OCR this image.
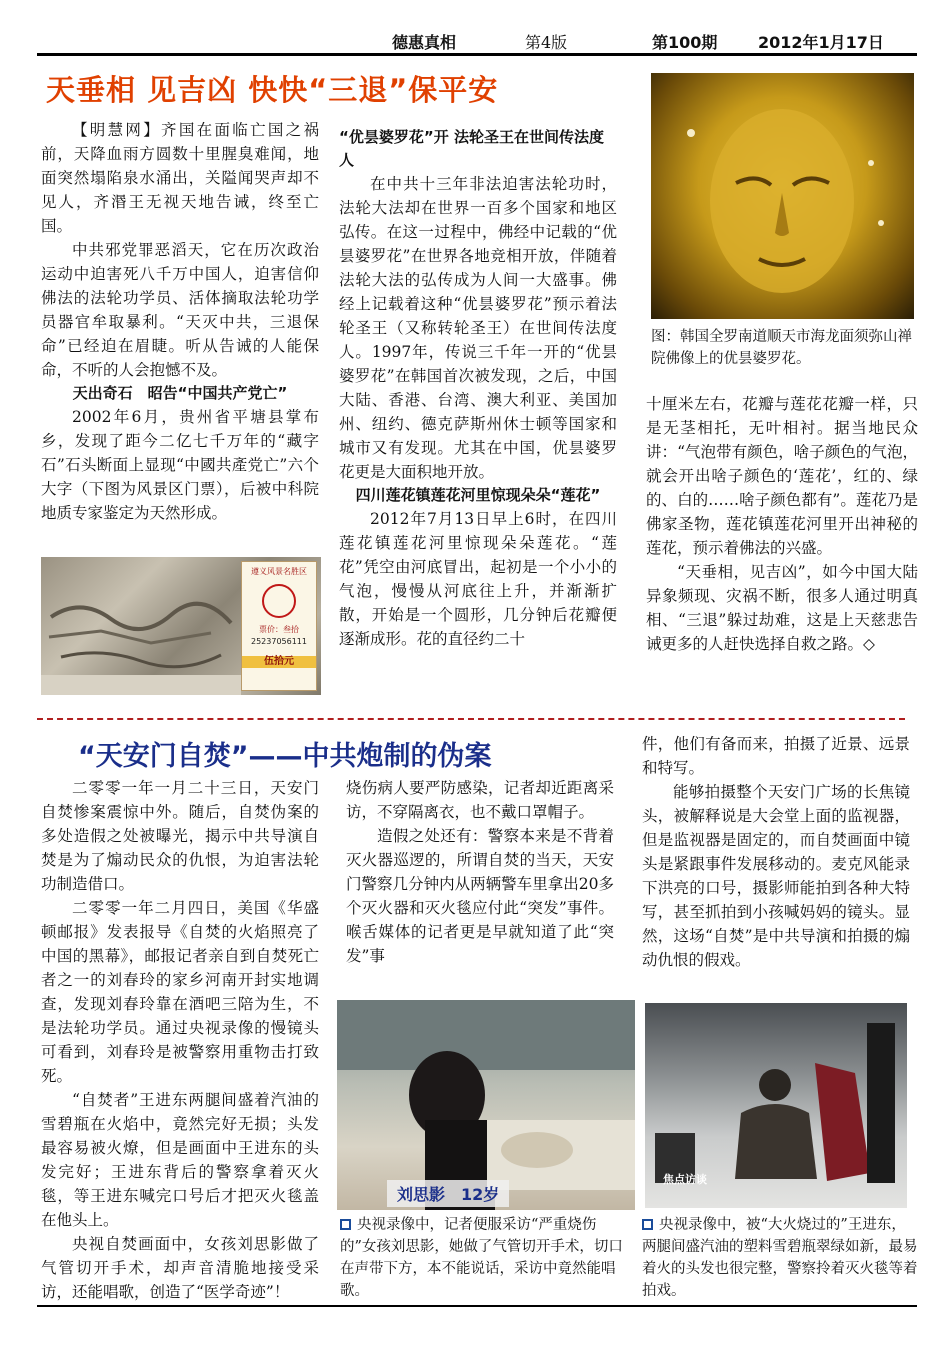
德惠真相	第4版	第100期	2012年1月17日
天垂相 见吉凶 快快“三退”保平安

【明慧网】齐国在面临亡国之祸前，天降血雨方圆数十里腥臭难闻，地面突然塌陷泉水涌出，关隘闻哭声却不见人，齐湣王无视天地告诫，终至亡国。

中共邪党罪恶滔天，它在历次政治运动中迫害死八千万中国人，迫害信仰佛法的法轮功学员、活体摘取法轮功学员器官牟取暴利。“天灭中共，三退保命”已经迫在眉睫。听从告诫的人能保命，不听的人会抱憾不及。

天出奇石　昭告“中国共产党亡”

2002年6月，贵州省平塘县掌布乡，发现了距今二亿七千万年的“藏字石”石头断面上显现“中國共產党亡”六个大字（下图为风景区门票），后被中科院地质专家鉴定为天然形成。

遵义风景名胜区
票价：叁拾
25237056111
伍拾元

“优昙婆罗花”开 法轮圣王在世间传法度人

在中共十三年非法迫害法轮功时，法轮大法却在世界一百多个国家和地区弘传。在这一过程中，佛经中记载的“优昙婆罗花”在世界各地竞相开放，伴随着法轮大法的弘传成为人间一大盛事。佛经上记载着这种“优昙婆罗花”预示着法轮圣王（又称转轮圣王）在世间传法度人。1997年，传说三千年一开的“优昙婆罗花”在韩国首次被发现，之后，中国大陆、香港、台湾、澳大利亚、美国加州、纽约、德克萨斯州休士顿等国家和城市又有发现。尤其在中国，优昙婆罗花更是大面积地开放。

四川莲花镇莲花河里惊现朵朵“莲花”

2012年7月13日早上6时，在四川莲花镇莲花河里惊现朵朵莲花。“莲花”凭空由河底冒出，起初是一个小小的气泡，慢慢从河底往上升，并渐渐扩散，开始是一个圆形，几分钟后花瓣便逐渐成形。花的直径约二十

图：韩国全罗南道顺天市海龙面须弥山禅院佛像上的优昙婆罗花。

十厘米左右，花瓣与莲花花瓣一样，只是无茎相托，无叶相衬。据当地民众讲：“气泡带有颜色，啥子颜色的气泡，就会开出啥子颜色的‘莲花’，红的、绿的、白的……啥子颜色都有”。莲花乃是佛家圣物，莲花镇莲花河里开出神秘的莲花，预示着佛法的兴盛。

“天垂相，见吉凶”，如今中国大陆异象频现、灾祸不断，很多人通过明真相、“三退”躲过劫难，这是上天慈悲告诫更多的人赶快选择自救之路。◇

“天安门自焚”——中共炮制的伪案

二零零一年一月二十三日，天安门自焚惨案震惊中外。随后，自焚伪案的多处造假之处被曝光，揭示中共导演自焚是为了煽动民众的仇恨，为迫害法轮功制造借口。

二零零一年二月四日，美国《华盛顿邮报》发表报导《自焚的火焰照亮了中国的黑幕》，邮报记者亲自到自焚死亡者之一的刘春玲的家乡河南开封实地调查，发现刘春玲靠在酒吧三陪为生，不是法轮功学员。通过央视录像的慢镜头可看到，刘春玲是被警察用重物击打致死。

“自焚者”王进东两腿间盛着汽油的雪碧瓶在火焰中，竟然完好无损；头发最容易被火燎，但是画面中王进东的头发完好；王进东背后的警察拿着灭火毯，等王进东喊完口号后才把灭火毯盖在他头上。

央视自焚画面中，女孩刘思影做了气管切开手术，却声音清脆地接受采访，还能唱歌，创造了“医学奇迹”！

烧伤病人要严防感染，记者却近距离采访，不穿隔离衣，也不戴口罩帽子。

造假之处还有：警察本来是不背着灭火器巡逻的，所谓自焚的当天，天安门警察几分钟内从两辆警车里拿出20多个灭火器和灭火毯应付此“突发”事件。喉舌媒体的记者更是早就知道了此“突发”事

件，他们有备而来，拍摄了近景、远景和特写。

能够拍摄整个天安门广场的长焦镜头，被解释说是大会堂上面的监视器，但是监视器是固定的，而自焚画面中镜头是紧跟事件发展移动的。麦克风能录下洪亮的口号，摄影师能拍到各种大特写，甚至抓拍到小孩喊妈妈的镜头。显然，这场“自焚”是中共导演和拍摄的煽动仇恨的假戏。

刘思影　12岁
央视录像中，记者便服采访“严重烧伤的”女孩刘思影，她做了气管切开手术，切口在声带下方，本不能说话，采访中竟然能唱歌。
焦点访谈
央视录像中，被“大火烧过的”王进东，两腿间盛汽油的塑料雪碧瓶翠绿如新，最易着火的头发也很完整，警察拎着灭火毯等着拍戏。
